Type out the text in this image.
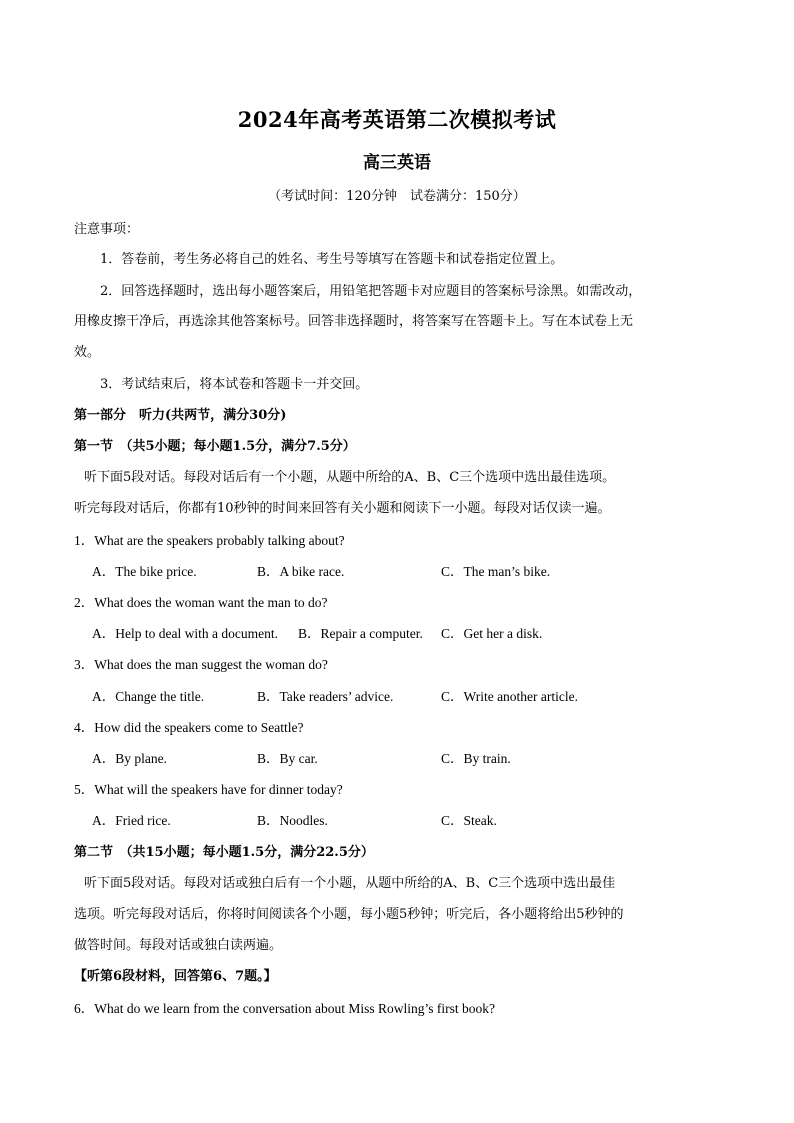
2024年高考英语第二次模拟考试
高三英语
（考试时间：120分钟　试卷满分：150分）
注意事项：
1．答卷前，考生务必将自己的姓名、考生号等填写在答题卡和试卷指定位置上。
2．回答选择题时，选出每小题答案后，用铅笔把答题卡对应题目的答案标号涂黑。如需改动，
用橡皮擦干净后，再选涂其他答案标号。回答非选择题时，将答案写在答题卡上。写在本试卷上无
效。
3．考试结束后，将本试卷和答题卡一并交回。
第一部分　听力(共两节，满分30分)
第一节　（共5小题；每小题1.5分，满分7.5分）
听下面5段对话。每段对话后有一个小题，从题中所给的A、B、C三个选项中选出最佳选项。
听完每段对话后，你都有10秒钟的时间来回答有关小题和阅读下一小题。每段对话仅读一遍。
1．What are the speakers probably talking about?
A．The bike price.	B．A bike race.	C．The man’s bike.
2．What does the woman want the man to do?
A．Help to deal with a document. B．Repair a computer. C．Get her a disk.
3．What does the man suggest the woman do?
A．Change the title.	B．Take readers’ advice.	C．Write another article.
4．How did the speakers come to Seattle?
A．By plane.	B．By car.	C．By train.
5．What will the speakers have for dinner today?
A．Fried rice.	B．Noodles.	C．Steak.
第二节　（共15小题；每小题1.5分，满分22.5分）
听下面5段对话。每段对话或独白后有一个小题，从题中所给的A、B、C三个选项中选出最佳
选项。听完每段对话后，你将时间阅读各个小题，每小题5秒钟；听完后，各小题将给出5秒钟的
做答时间。每段对话或独白读两遍。
【听第6段材料，回答第6、7题。】
6．What do we learn from the conversation about Miss Rowling’s first book?
